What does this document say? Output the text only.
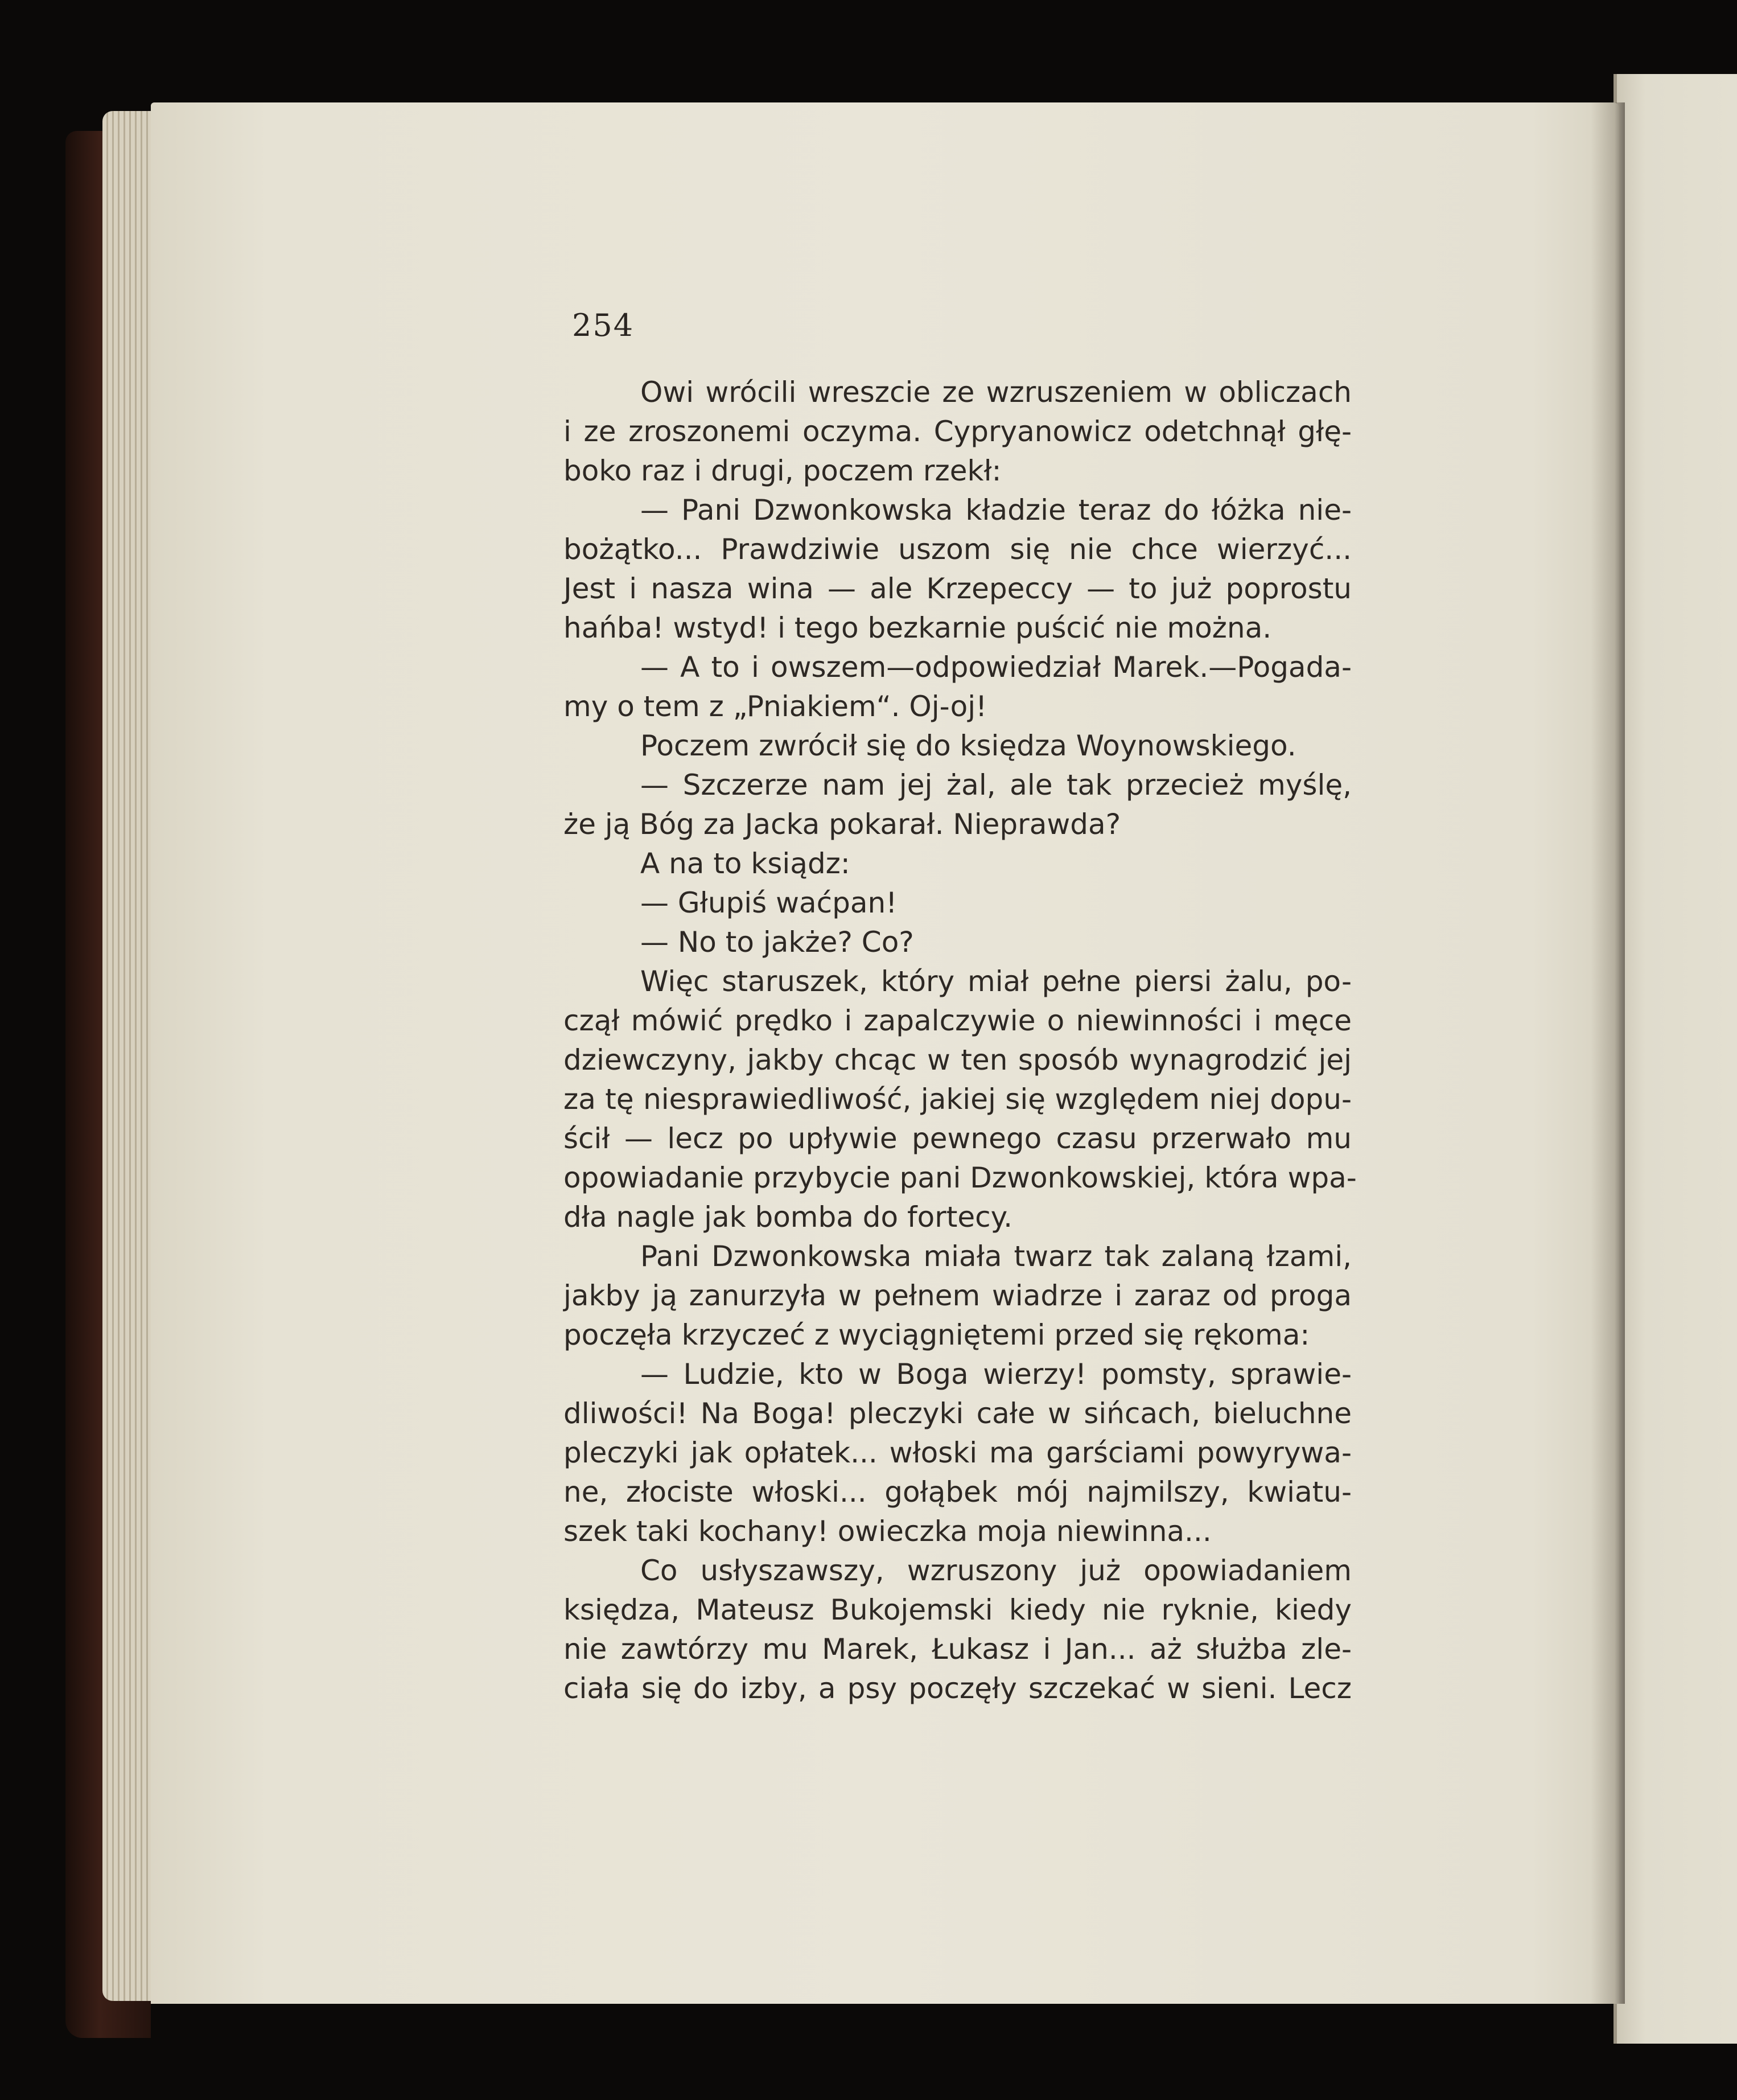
254
Owi wrócili wreszcie ze wzruszeniem w obliczach
i ze zroszonemi oczyma. Cypryanowicz odetchnął głę-
boko raz i drugi, poczem rzekł:
— Pani Dzwonkowska kładzie teraz do łóżka nie-
bożątko... Prawdziwie uszom się nie chce wierzyć...
Jest i nasza wina — ale Krzepeccy — to już poprostu
hańba! wstyd! i tego bezkarnie puścić nie można.
— A to i owszem—odpowiedział Marek.—Pogada-
my o tem z „Pniakiem“. Oj-oj!
Poczem zwrócił się do księdza Woynowskiego.
— Szczerze nam jej żal, ale tak przecież myślę,
że ją Bóg za Jacka pokarał. Nieprawda?
A na to ksiądz:
— Głupiś waćpan!
— No to jakże? Co?
Więc staruszek, który miał pełne piersi żalu, po-
czął mówić prędko i zapalczywie o niewinności i męce
dziewczyny, jakby chcąc w ten sposób wynagrodzić jej
za tę niesprawiedliwość, jakiej się względem niej dopu-
ścił — lecz po upływie pewnego czasu przerwało mu
opowiadanie przybycie pani Dzwonkowskiej, która wpa-
dła nagle jak bomba do fortecy.
Pani Dzwonkowska miała twarz tak zalaną łzami,
jakby ją zanurzyła w pełnem wiadrze i zaraz od proga
poczęła krzyczeć z wyciągniętemi przed się rękoma:
— Ludzie, kto w Boga wierzy! pomsty, sprawie-
dliwości! Na Boga! pleczyki całe w sińcach, bieluchne
pleczyki jak opłatek... włoski ma garściami powyrywa-
ne, złociste włoski... gołąbek mój najmilszy, kwiatu-
szek taki kochany! owieczka moja niewinna...
Co usłyszawszy, wzruszony już opowiadaniem
księdza, Mateusz Bukojemski kiedy nie ryknie, kiedy
nie zawtórzy mu Marek, Łukasz i Jan... aż służba zle-
ciała się do izby, a psy poczęły szczekać w sieni. Lecz
